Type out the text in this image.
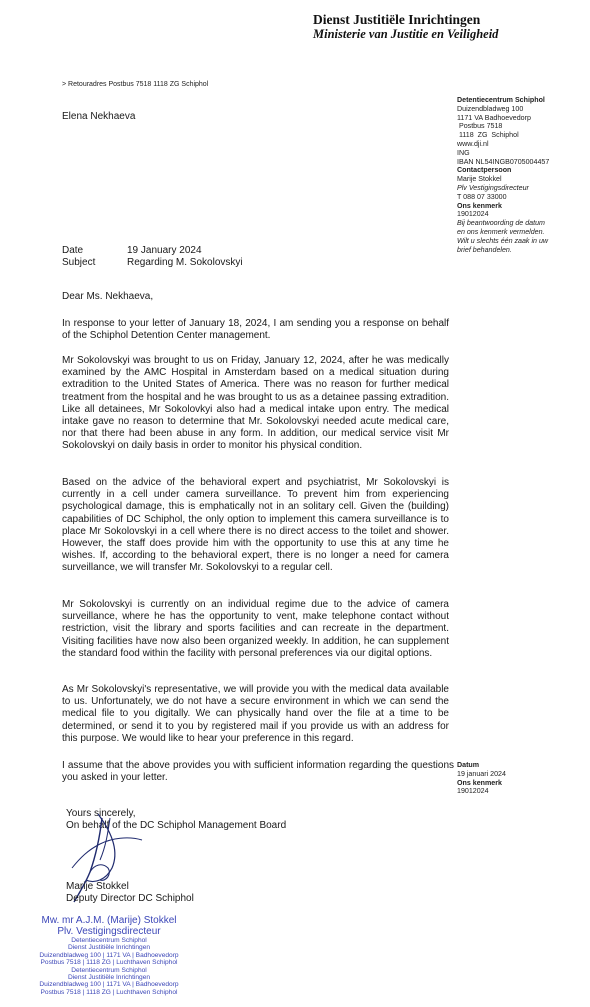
Dienst Justitiële Inrichtingen
Ministerie van Justitie en Veiligheid
> Retouradres Postbus 7518 1118 ZG Schiphol
Elena Nekhaeva
Detentiecentrum Schiphol
Duizendbladweg 100
1171 VA Badhoevedorp
Postbus 7518
1118  ZG  Schiphol
www.dji.nl
ING
IBAN NL54INGB0705004457
Contactpersoon
Marije Stokkel
Plv Vestigingsdirecteur
T 088 07 33000
Ons kenmerk
19012024
Bij beantwoording de datum
en ons kenmerk vermelden.
Wilt u slechts één zaak in uw
brief behandelen.
Date	19 January 2024
Subject	Regarding M. Sokolovskyi
Dear Ms. Nekhaeva,

In response to your letter of January 18, 2024, I am sending you a response on behalf of the Schiphol Detention Center management.

Mr Sokolovskyi was brought to us on Friday, January 12, 2024, after he was medically examined by the AMC Hospital in Amsterdam based on a medical situation during extradition to the United States of America. There was no reason for further medical treatment from the hospital and he was brought to us as a detainee passing extradition. Like all detainees, Mr Sokolovkyi also had a medical intake upon entry. The medical intake gave no reason to determine that Mr. Sokolovskyi needed acute medical care, nor that there had been abuse in any form. In addition, our medical service visit Mr Sokolovskyi on daily basis in order to monitor his physical condition.

Based on the advice of the behavioral expert and psychiatrist, Mr Sokolovskyi is currently in a cell under camera surveillance. To prevent him from experiencing psychological damage, this is emphatically not in an solitary cell. Given the (building) capabilities of DC Schiphol, the only option to implement this camera surveillance is to place Mr Sokolovskyi in a cell where there is no direct access to the toilet and shower. However, the staff does provide him with the opportunity to use this at any time he wishes. If, according to the behavioral expert, there is no longer a need for camera surveillance, we will transfer Mr. Sokolovskyi to a regular cell.

Mr Sokolovskyi is currently on an individual regime due to the advice of camera surveillance, where he has the opportunity to vent, make telephone contact without restriction, visit the library and sports facilities and can recreate in the department. Visiting facilities have now also been organized weekly. In addition, he can supplement the standard food within the facility with personal preferences via our digital options.

As Mr Sokolovskyi's representative, we will provide you with the medical data available to us. Unfortunately, we do not have a secure environment in which we can send the medical file to you digitally. We can physically hand over the file at a time to be determined, or send it to you by registered mail if you provide us with an address for this purpose. We would like to hear your preference in this regard.

I assume that the above provides you with sufficient information regarding the questions you asked in your letter.
Datum
19 januari 2024
Ons kenmerk
19012024
Yours sincerely,
On behalf of the DC Schiphol Management Board
Marije Stokkel
Deputy Director DC Schiphol
Mw. mr A.J.M. (Marije) Stokkel
Plv. Vestigingsdirecteur
Detentiecentrum Schiphol
Dienst Justitiële Inrichtingen
Duizendbladweg 100 | 1171 VA | Badhoevedorp
Postbus 7518 | 1118 ZG | Luchthaven Schiphol
Detentiecentrum Schiphol
Dienst Justitiële Inrichtingen
Duizendbladweg 100 | 1171 VA | Badhoevedorp
Postbus 7518 | 1118 ZG | Luchthaven Schiphol
